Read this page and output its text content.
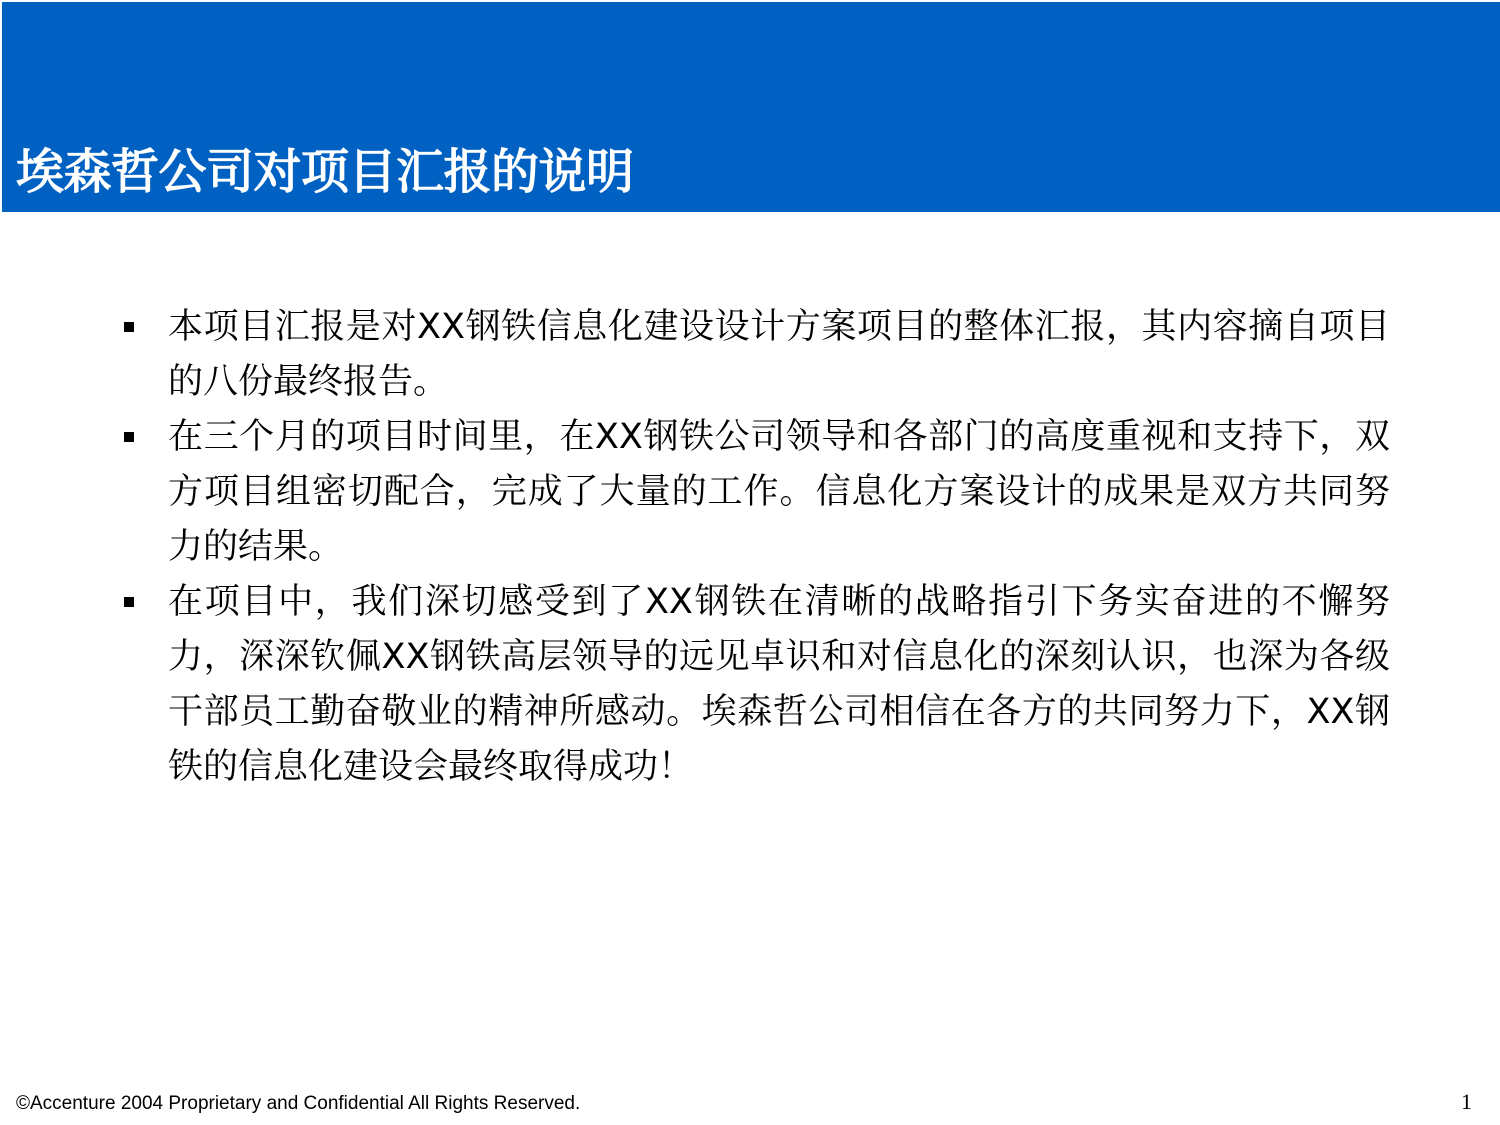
埃森哲公司对项目汇报的说明
本项目汇报是对XX钢铁信息化建设设计方案项目的整体汇报，其内容摘自项目的八份最终报告。
在三个月的项目时间里，在XX钢铁公司领导和各部门的高度重视和支持下，双方项目组密切配合，完成了大量的工作。信息化方案设计的成果是双方共同努力的结果。
在项目中，我们深切感受到了XX钢铁在清晰的战略指引下务实奋进的不懈努力，深深钦佩XX钢铁高层领导的远见卓识和对信息化的深刻认识，也深为各级干部员工勤奋敬业的精神所感动。埃森哲公司相信在各方的共同努力下，XX钢铁的信息化建设会最终取得成功！
©Accenture 2004 Proprietary and Confidential All Rights Reserved.	1
